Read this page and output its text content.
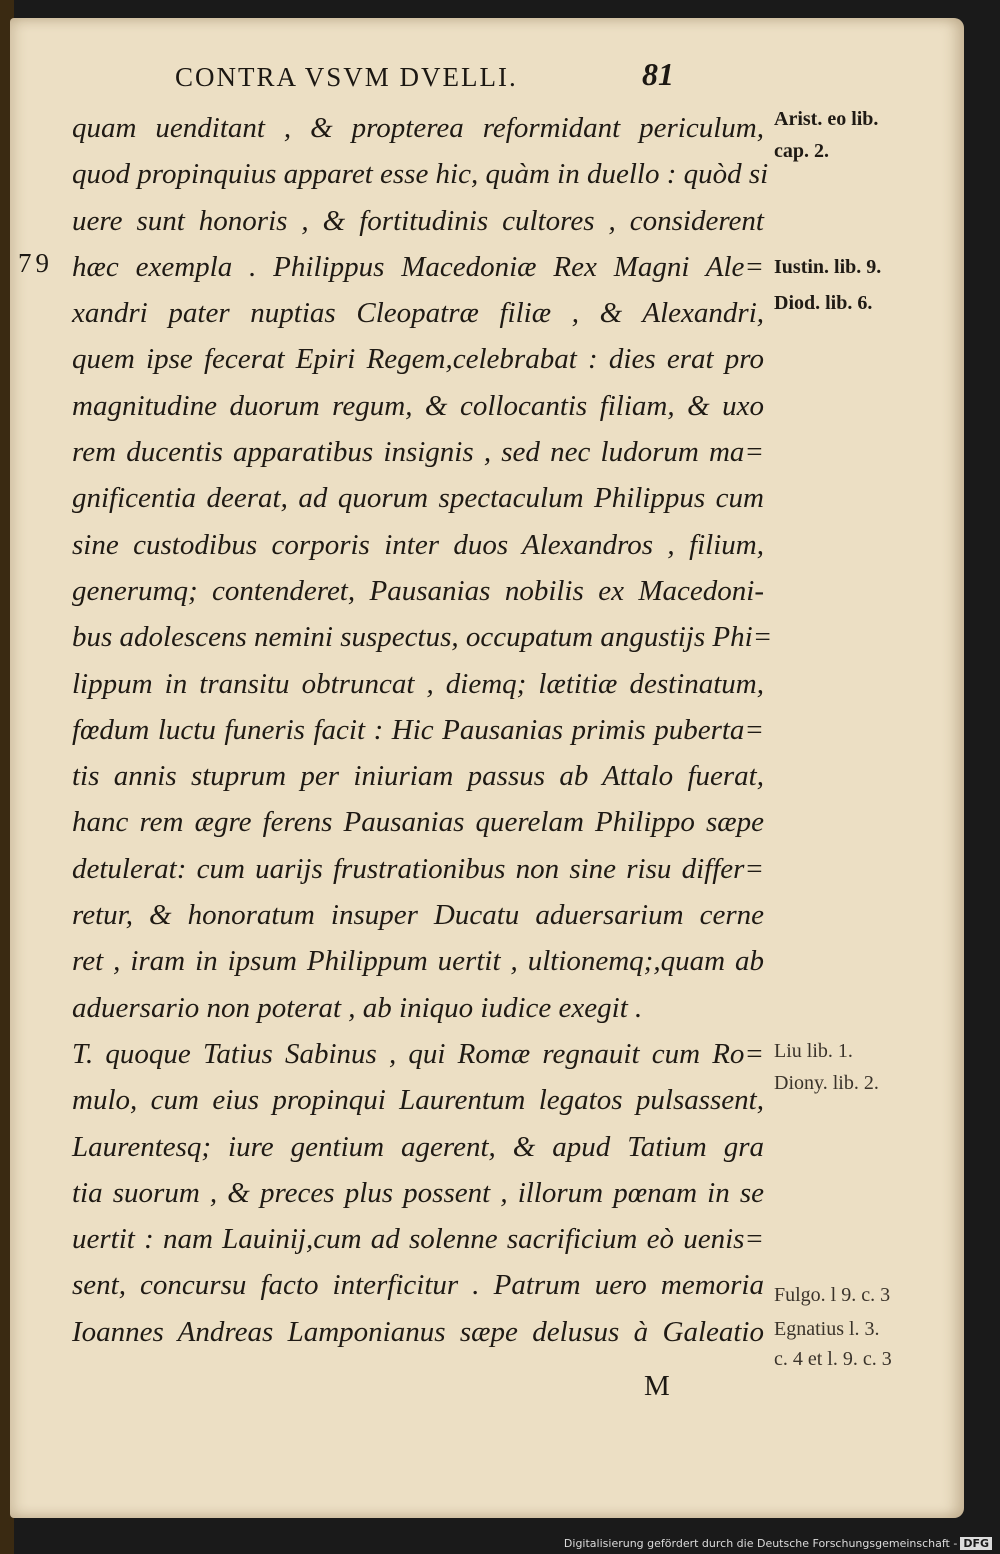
CONTRA VSVM DVELLI.	81
79
quam uenditant , & propterea reformidant periculum,
quod propinquius apparet esse hic, quàm in duello : quòd si
uere sunt honoris , & fortitudinis cultores , considerent
hæc exempla . Philippus Macedoniæ Rex Magni Ale=
xandri pater nuptias Cleopatræ filiæ , & Alexandri,
quem ipse fecerat Epiri Regem,celebrabat : dies erat pro
magnitudine duorum regum, & collocantis filiam, & uxo
rem ducentis apparatibus insignis , sed nec ludorum ma=
gnificentia deerat, ad quorum spectaculum Philippus cum
sine custodibus corporis inter duos Alexandros , filium,
generumq; contenderet, Pausanias nobilis ex Macedoni-
bus adolescens nemini suspectus, occupatum angustijs Phi=
lippum in transitu obtruncat , diemq; lætitiæ destinatum,
fœdum luctu funeris facit : Hic Pausanias primis puberta=
tis annis stuprum per iniuriam passus ab Attalo fuerat,
hanc rem ægre ferens Pausanias querelam Philippo sæpe
detulerat: cum uarijs frustrationibus non sine risu differ=
retur, & honoratum insuper Ducatu aduersarium cerne
ret , iram in ipsum Philippum uertit , ultionemq;,quam ab
aduersario non poterat , ab iniquo iudice exegit .
T. quoque Tatius Sabinus , qui Romæ regnauit cum Ro=
mulo, cum eius propinqui Laurentum legatos pulsassent,
Laurentesq; iure gentium agerent, & apud Tatium gra
tia suorum , & preces plus possent , illorum pœnam in se
uertit : nam Lauinij,cum ad solenne sacrificium eò uenis=
sent, concursu facto interficitur . Patrum uero memoria
Ioannes Andreas Lamponianus sæpe delusus à Galeatio
Arist. eo lib.
cap. 2.
Iustin. lib. 9.
Diod. lib. 6.
Liu lib. 1.
Diony. lib. 2.
Fulgo. l 9. c. 3
Egnatius l. 3.
c. 4 et l. 9. c. 3
M
Digitalisierung gefördert durch die Deutsche Forschungsgemeinschaft - DFG
